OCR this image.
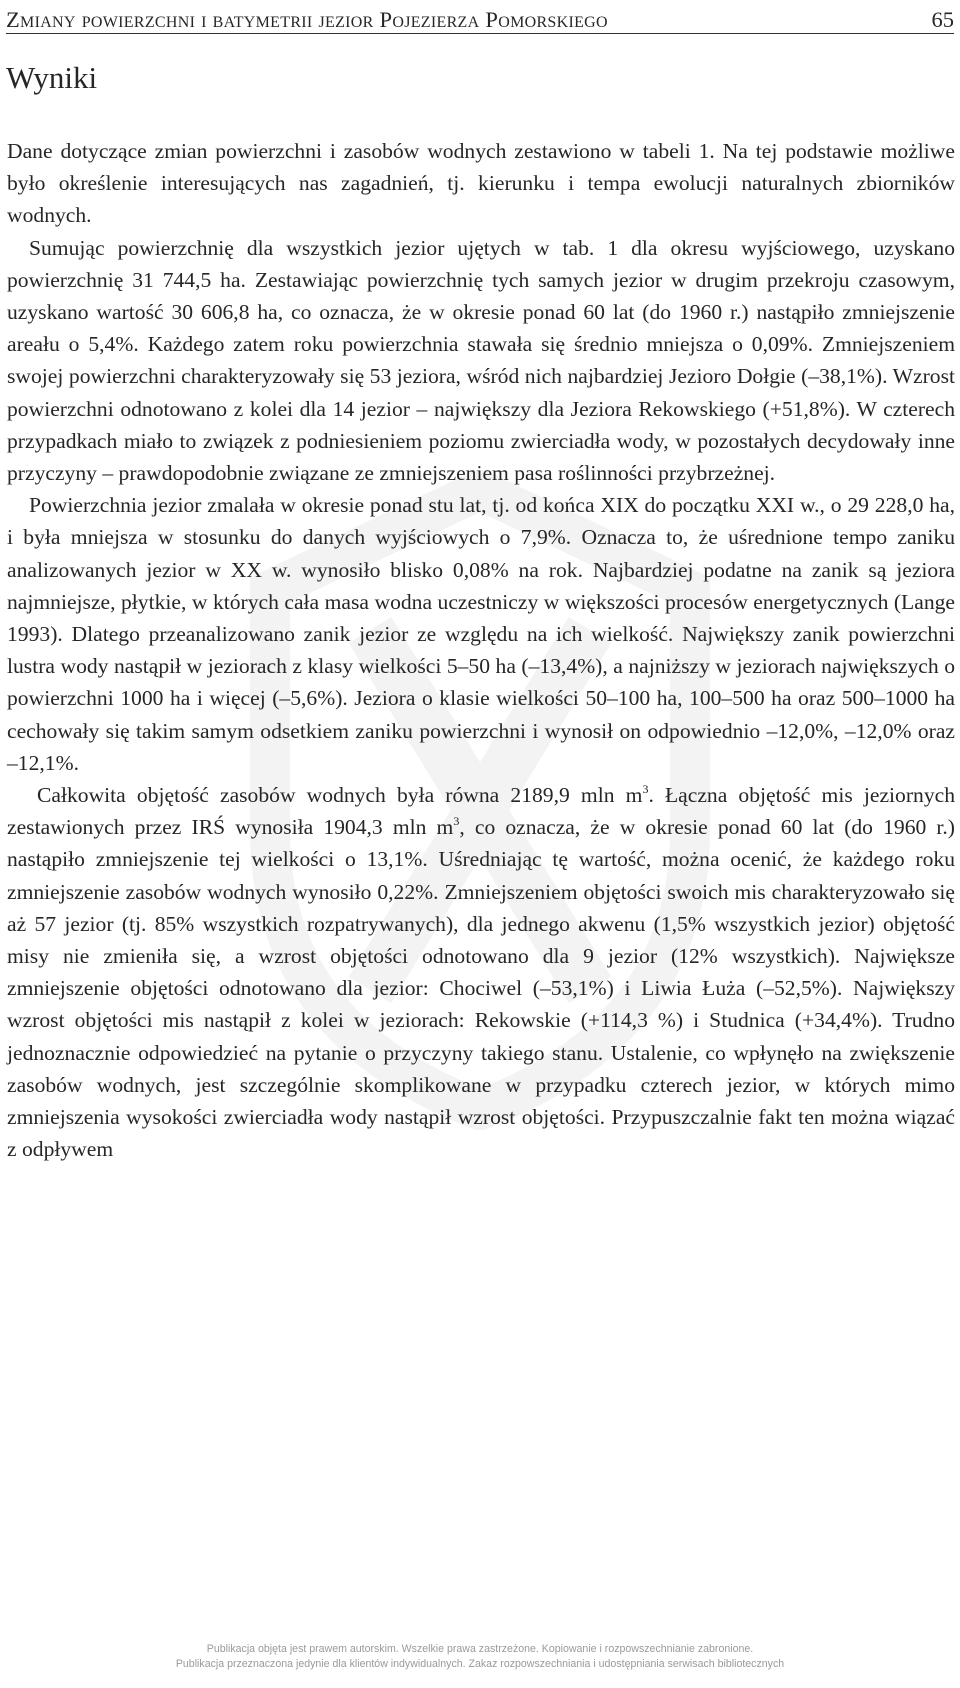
Zmiany powierzchni i batymetrii jezior Pojezierza Pomorskiego	65
Wyniki

Dane dotyczące zmian powierzchni i zasobów wodnych zestawiono w tabeli 1. Na tej podstawie możliwe było określenie interesujących nas zagadnień, tj. kierunku i tempa ewolucji naturalnych zbiorników wodnych.

Sumując powierzchnię dla wszystkich jezior ujętych w tab. 1 dla okresu wyjściowego, uzyskano powierzchnię 31 744,5 ha. Zestawiając powierzchnię tych samych jezior w drugim przekroju czasowym, uzyskano wartość 30 606,8 ha, co oznacza, że w okresie ponad 60 lat (do 1960 r.) nastąpiło zmniejszenie areału o 5,4%. Każdego zatem roku powierzchnia stawała się średnio mniejsza o 0,09%. Zmniejszeniem swojej powierzchni charakteryzowały się 53 jeziora, wśród nich najbardziej Jezioro Dołgie (–38,1%). Wzrost powierzchni odnotowano z kolei dla 14 jezior – największy dla Jeziora Rekowskiego (+51,8%). W czterech przypadkach miało to związek z podniesieniem poziomu zwierciadła wody, w pozostałych decydowały inne przyczyny – prawdopodobnie związane ze zmniejszeniem pasa roślinności przybrzeżnej.

Powierzchnia jezior zmalała w okresie ponad stu lat, tj. od końca XIX do początku XXI w., o 29 228,0 ha, i była mniejsza w stosunku do danych wyjściowych o 7,9%. Oznacza to, że uśrednione tempo zaniku analizowanych jezior w XX w. wynosiło blisko 0,08% na rok. Najbardziej podatne na zanik są jeziora najmniejsze, płytkie, w których cała masa wodna uczestniczy w większości procesów energetycznych (Lange 1993). Dlatego przeanalizowano zanik jezior ze względu na ich wielkość. Największy zanik powierzchni lustra wody nastąpił w jeziorach z klasy wielkości 5–50 ha (–13,4%), a najniższy w jeziorach największych o powierzchni 1000 ha i więcej (–5,6%). Jeziora o klasie wielkości 50–100 ha, 100–500 ha oraz 500–1000 ha cechowały się takim samym odsetkiem zaniku powierzchni i wynosił on odpowiednio –12,0%, –12,0% oraz –12,1%.

Całkowita objętość zasobów wodnych była równa 2189,9 mln $m^3$. Łączna objętość mis jeziornych zestawionych przez IRŚ wynosiła 1904,3 mln $m^3$, co oznacza, że w okresie ponad 60 lat (do 1960 r.) nastąpiło zmniejszenie tej wielkości o 13,1%. Uśredniając tę wartość, można ocenić, że każdego roku zmniejszenie zasobów wodnych wynosiło 0,22%. Zmniejszeniem objętości swoich mis charakteryzowało się aż 57 jezior (tj. 85% wszystkich rozpatrywanych), dla jednego akwenu (1,5% wszystkich jezior) objętość misy nie zmieniła się, a wzrost objętości odnotowano dla 9 jezior (12% wszystkich). Największe zmniejszenie objętości odnotowano dla jezior: Chociwel (–53,1%) i Liwia Łuża (–52,5%). Największy wzrost objętości mis nastąpił z kolei w jeziorach: Rekowskie (+114,3 %) i Studnica (+34,4%). Trudno jednoznacznie odpowiedzieć na pytanie o przyczyny takiego stanu. Ustalenie, co wpłynęło na zwiększenie zasobów wodnych, jest szczególnie skomplikowane w przypadku czterech jezior, w których mimo zmniejszenia wysokości zwierciadła wody nastąpił wzrost objętości. Przypuszczalnie fakt ten można wiązać z odpływem

Publikacja objęta jest prawem autorskim. Wszelkie prawa zastrzeżone. Kopiowanie i rozpowszechnianie zabronione.
Publikacja przeznaczona jedynie dla klientów indywidualnych. Zakaz rozpowszechniania i udostępniania serwisach bibliotecznych
